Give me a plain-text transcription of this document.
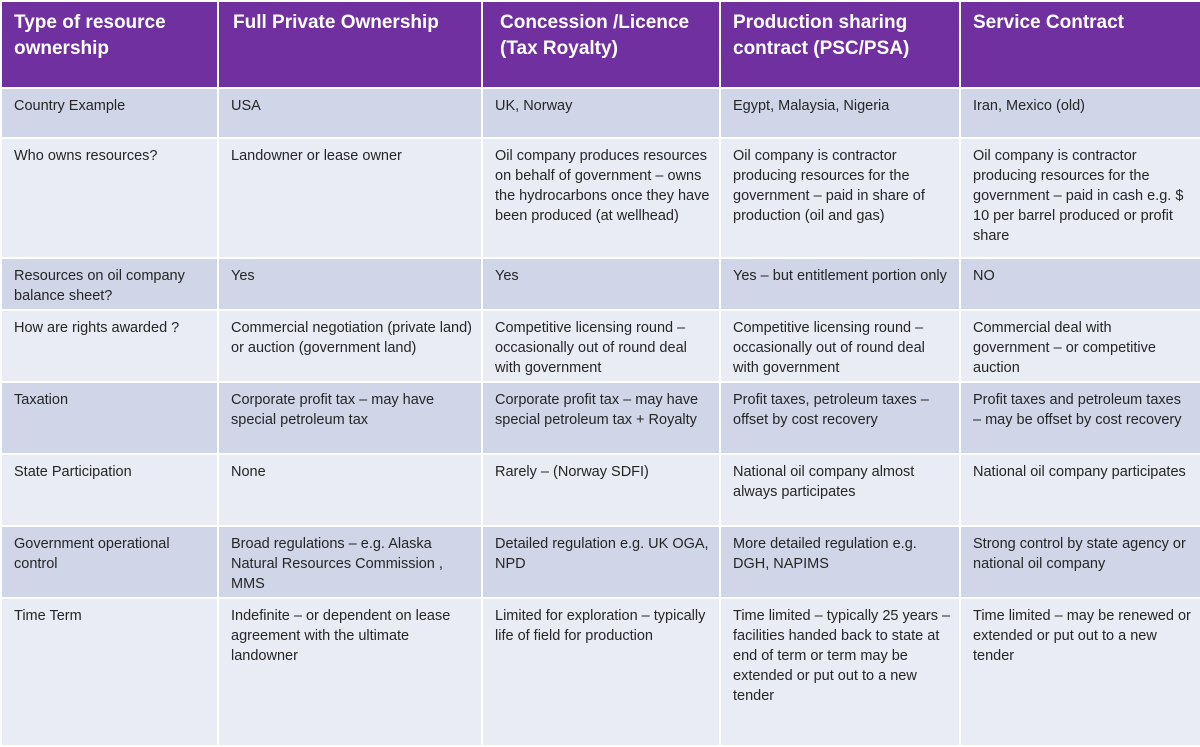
Type of resource ownership	Full Private Ownership	Concession /Licence (Tax Royalty)	Production sharing contract (PSC/PSA)	Service Contract
Country Example	USA	UK, Norway	Egypt, Malaysia, Nigeria	Iran, Mexico (old)
Who owns resources?	Landowner or lease owner	Oil company produces resources on behalf of government – owns the hydrocarbons once they have been produced (at wellhead)	Oil company is contractor producing resources for the government – paid in share of production (oil and gas)	Oil company is contractor producing resources for the government – paid in cash e.g. $ 10 per barrel produced or profit share
Resources on oil company balance sheet?	Yes	Yes	Yes – but entitlement portion only	NO
How are rights awarded ?	Commercial negotiation (private land) or auction (government land)	Competitive licensing round – occasionally out of round deal with government	Competitive licensing round – occasionally out of round deal with government	Commercial deal with government – or competitive auction
Taxation	Corporate profit tax – may have special petroleum tax	Corporate profit tax – may have special petroleum tax + Royalty	Profit taxes, petroleum taxes – offset by cost recovery	Profit taxes and petroleum taxes – may be offset by cost recovery
State Participation	None	Rarely – (Norway SDFI)	National oil company almost always participates	National oil company participates
Government operational control	Broad regulations – e.g. Alaska Natural Resources Commission , MMS	Detailed regulation e.g. UK OGA, NPD	More detailed regulation e.g. DGH, NAPIMS	Strong control by state agency or national oil company
Time Term	Indefinite – or dependent on lease agreement with the ultimate landowner	Limited for exploration – typically life of field for production	Time limited – typically 25 years – facilities handed back to state at end of term or term may be extended or put out to a new tender	Time limited – may be renewed or extended or put out to a new tender
